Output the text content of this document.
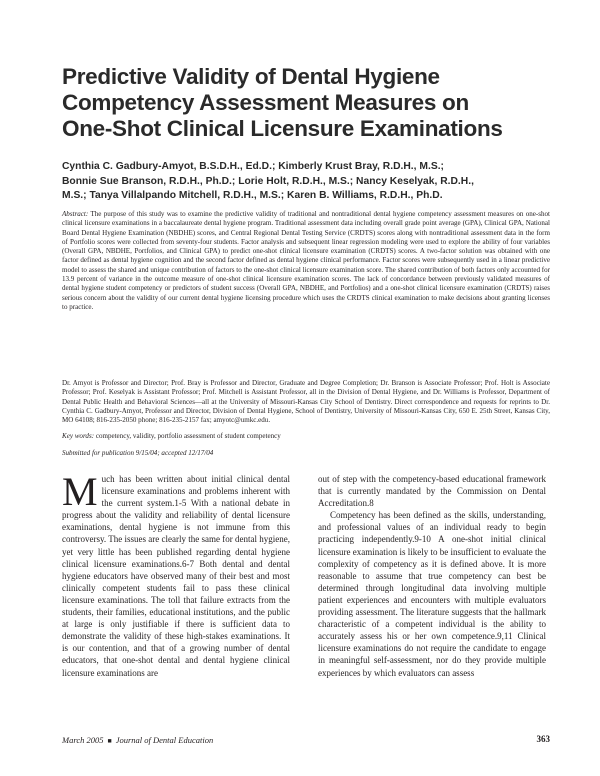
Predictive Validity of Dental Hygiene
Competency Assessment Measures on
One-Shot Clinical Licensure Examinations
Cynthia C. Gadbury-Amyot, B.S.D.H., Ed.D.; Kimberly Krust Bray, R.D.H., M.S.;
Bonnie Sue Branson, R.D.H., Ph.D.; Lorie Holt, R.D.H., M.S.; Nancy Keselyak, R.D.H.,
M.S.; Tanya Villalpando Mitchell, R.D.H., M.S.; Karen B. Williams, R.D.H., Ph.D.
Abstract: The purpose of this study was to examine the predictive validity of traditional and nontraditional dental hygiene competency assessment measures on one-shot clinical licensure examinations in a baccalaureate dental hygiene program. Traditional assessment data including overall grade point average (GPA), Clinical GPA, National Board Dental Hygiene Examination (NBDHE) scores, and Central Regional Dental Testing Service (CRDTS) scores along with nontraditional assessment data in the form of Portfolio scores were collected from seventy-four students. Factor analysis and subsequent linear regression modeling were used to explore the ability of four variables (Overall GPA, NBDHE, Portfolios, and Clinical GPA) to predict one-shot clinical licensure examination (CRDTS) scores. A two-factor solution was obtained with one factor defined as dental hygiene cognition and the second factor defined as dental hygiene clinical performance. Factor scores were subsequently used in a linear predictive model to assess the shared and unique contribution of factors to the one-shot clinical licensure examination score. The shared contribution of both factors only accounted for 13.9 percent of variance in the outcome measure of one-shot clinical licensure examination scores. The lack of concordance between previously validated measures of dental hygiene student competency or predictors of student success (Overall GPA, NBDHE, and Portfolios) and a one-shot clinical licensure examination (CRDTS) raises serious concern about the validity of our current dental hygiene licensing procedure which uses the CRDTS clinical examination to make decisions about granting licenses to practice.
Dr. Amyot is Professor and Director; Prof. Bray is Professor and Director, Graduate and Degree Completion; Dr. Branson is Associate Professor; Prof. Holt is Associate Professor; Prof. Keselyak is Assistant Professor; Prof. Mitchell is Assistant Professor, all in the Division of Dental Hygiene, and Dr. Williams is Professor, Department of Dental Public Health and Behavioral Sciences—all at the University of Missouri-Kansas City School of Dentistry. Direct correspondence and requests for reprints to Dr. Cynthia C. Gadbury-Amyot, Professor and Director, Division of Dental Hygiene, School of Dentistry, University of Missouri-Kansas City, 650 E. 25th Street, Kansas City, MO 64108; 816-235-2050 phone; 816-235-2157 fax; amyotc@umkc.edu.
Key words: competency, validity, portfolio assessment of student competency
Submitted for publication 9/15/04; accepted 12/17/04

Much has been written about initial clinical dental licensure examinations and problems inherent with the current system.1-5 With a national debate in progress about the validity and reliability of dental licensure examinations, dental hygiene is not immune from this controversy. The issues are clearly the same for dental hygiene, yet very little has been published regarding dental hygiene clinical licensure examinations.6-7 Both dental and dental hygiene educators have observed many of their best and most clinically competent students fail to pass these clinical licensure examinations. The toll that failure extracts from the students, their families, educational institutions, and the public at large is only justifiable if there is sufficient data to demonstrate the validity of these high-stakes examinations. It is our contention, and that of a growing number of dental educators, that one-shot dental and dental hygiene clinical licensure examinations are

out of step with the competency-based educational framework that is currently mandated by the Commission on Dental Accreditation.8

Competency has been defined as the skills, understanding, and professional values of an individual ready to begin practicing independently.9-10 A one-shot initial clinical licensure examination is likely to be insufficient to evaluate the complexity of competency as it is defined above. It is more reasonable to assume that true competency can best be determined through longitudinal data involving multiple patient experiences and encounters with multiple evaluators providing assessment. The literature suggests that the hallmark characteristic of a competent individual is the ability to accurately assess his or her own competence.9,11 Clinical licensure examinations do not require the candidate to engage in meaningful self-assessment, nor do they provide multiple experiences by which evaluators can assess

March 2005 ■ Journal of Dental Education	363
